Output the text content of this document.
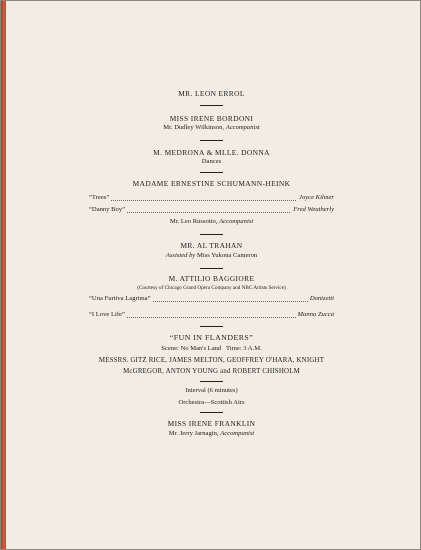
MR. LEON ERROL
MISS IRENE BORDONI
Mr. Dudley Wilkinson, Accompanist
M. MEDRONA & MLLE. DONNA
Dances
MADAME ERNESTINE SCHUMANN-HEINK
“Trees”	Joyce Kilmer
“Danny Boy”	Fred Weatherly
Mr. Leo Russotto, Accompanist
MR. AL TRAHAN
Assisted by Miss Yukona Cameron
M. ATTILIO BAGGIORE
(Courtesy of Chicago Grand Opera Company and NBC Artists Service)
“Una Furtiva Lagrima”	Donizetti
“I Love Life”	Manna Zucca
“FUN IN FLANDERS”
Scene: No Man's Land   Time: 3 A.M.
MESSRS. GITZ RICE, JAMES MELTON, GEOFFREY O'HARA, KNIGHT
McGREGOR, ANTON YOUNG and ROBERT CHISHOLM
Interval (6 minutes)
Orchestra—Scottish Airs
MISS IRENE FRANKLIN
Mr. Jerry Jarnagin, Accompanist
